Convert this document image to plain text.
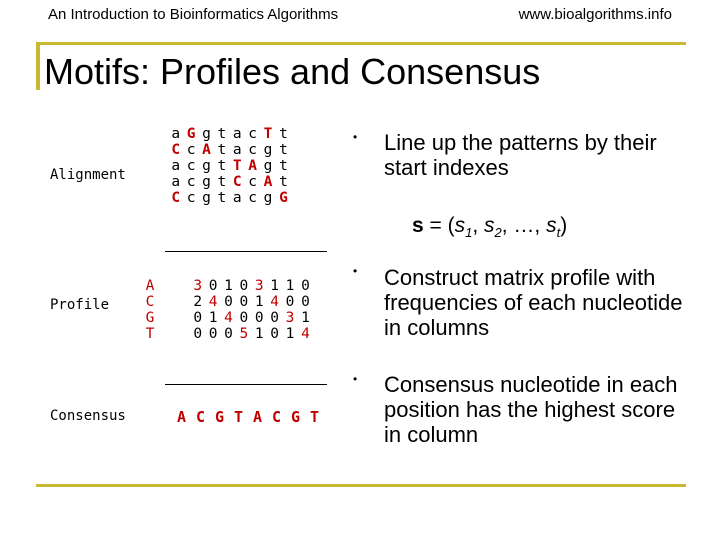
An Introduction to Bioinformatics Algorithms	www.bioalgorithms.info
Motifs: Profiles and Consensus
Alignment
Profile
Consensus
a G g t a c T t
C c A t a c g t
a c g t T A g t
a c g t C c A t
C c g t a c g G
A
C
G
T
3 0 1 0 3 1 1 0
2 4 0 0 1 4 0 0
0 1 4 0 0 0 3 1
0 0 0 5 1 0 1 4
A C G T A C G T
• Line up the patterns by their start indexes
$s = (s_1$, $s_2$, …, $s_t$)
• Construct matrix profile with frequencies of each nucleotide in columns
• Consensus nucleotide in each position has the highest score in column
